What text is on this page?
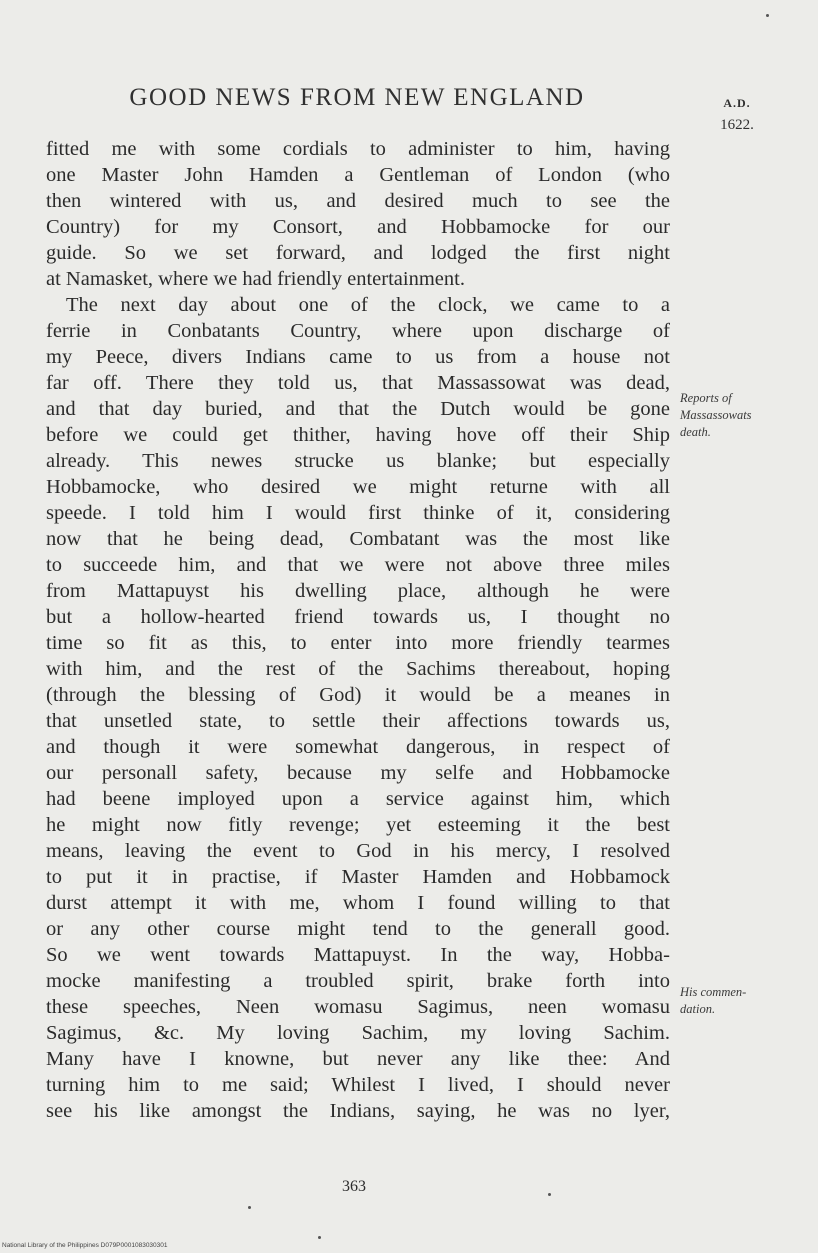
GOOD NEWS FROM NEW ENGLAND	A.D.
1622.
fitted me with some cordials to administer to him, having
one Master John Hamden a Gentleman of London (who
then wintered with us, and desired much to see the
Country) for my Consort, and Hobbamocke for our
guide. So we set forward, and lodged the first night
at Namasket, where we had friendly entertainment.
The next day about one of the clock, we came to a
ferrie in Conbatants Country, where upon discharge of
my Peece, divers Indians came to us from a house not
far off. There they told us, that Massassowat was dead,
and that day buried, and that the Dutch would be gone
before we could get thither, having hove off their Ship
already. This newes strucke us blanke; but especially
Hobbamocke, who desired we might returne with all
speede. I told him I would first thinke of it, considering
now that he being dead, Combatant was the most like
to succeede him, and that we were not above three miles
from Mattapuyst his dwelling place, although he were
but a hollow-hearted friend towards us, I thought no
time so fit as this, to enter into more friendly tearmes
with him, and the rest of the Sachims thereabout, hoping
(through the blessing of God) it would be a meanes in
that unsetled state, to settle their affections towards us,
and though it were somewhat dangerous, in respect of
our personall safety, because my selfe and Hobbamocke
had beene imployed upon a service against him, which
he might now fitly revenge; yet esteeming it the best
means, leaving the event to God in his mercy, I resolved
to put it in practise, if Master Hamden and Hobbamock
durst attempt it with me, whom I found willing to that
or any other course might tend to the generall good.
So we went towards Mattapuyst. In the way, Hobba-
mocke manifesting a troubled spirit, brake forth into
these speeches, Neen womasu Sagimus, neen womasu
Sagimus, &c. My loving Sachim, my loving Sachim.
Many have I knowne, but never any like thee: And
turning him to me said; Whilest I lived, I should never
see his like amongst the Indians, saying, he was no lyer,
Reports of
Massassowats
death.
His commen-
dation.
363
National Library of the Philippines D079P0001083030301
